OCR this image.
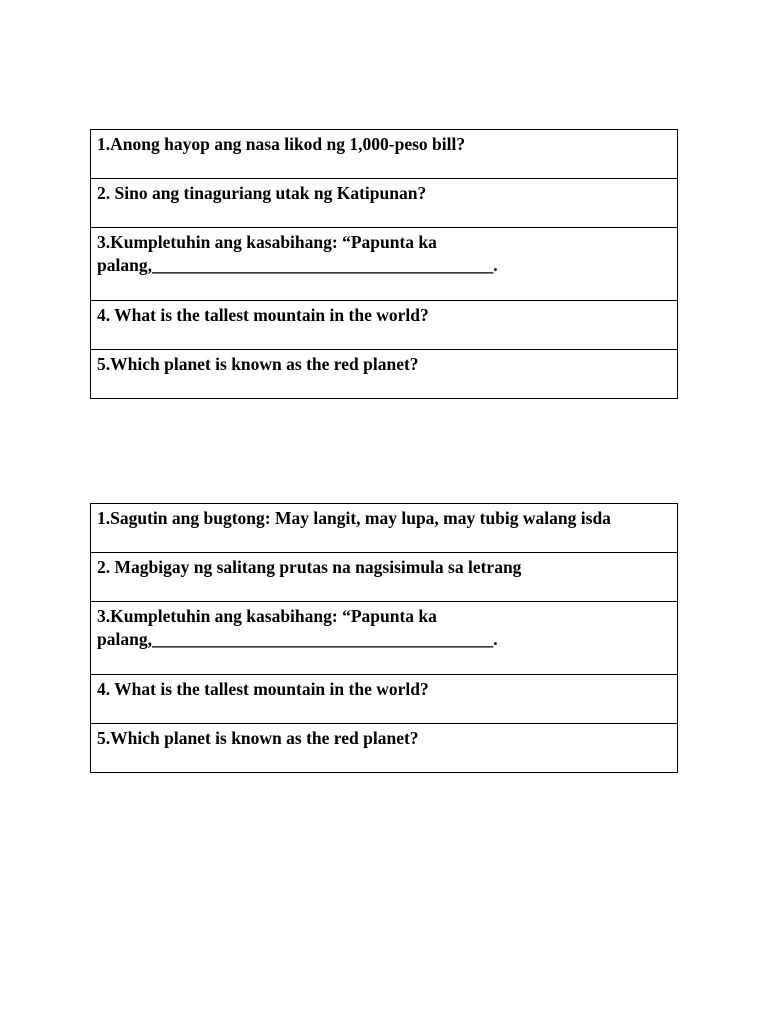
1.Anong hayop ang nasa likod ng 1,000-peso bill?
2. Sino ang tinaguriang utak ng Katipunan?
3.Kumpletuhin ang kasabihang: “Papunta ka palang,_______________________________________.
4. What is the tallest mountain in the world?
5.Which planet is known as the red planet?
1.Sagutin ang bugtong: May langit, may lupa, may tubig walang isda
2. Magbigay ng salitang prutas na nagsisimula sa letrang
3.Kumpletuhin ang kasabihang: “Papunta ka palang,_______________________________________.
4. What is the tallest mountain in the world?
5.Which planet is known as the red planet?
